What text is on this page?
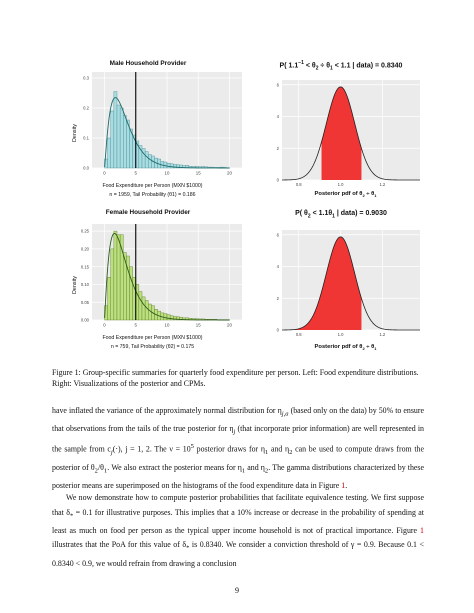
Male Household Provider
Density
0.0
0.1
0.2
0.3
0	5	10	15	20
Food Expenditure per Person (MXN $1000)
n = 1959, Tail Probability (θ1) = 0.186
P( $1.1^{-1} < \theta_2 \div \theta_1 < 1.1$ | data) = 0.8340
0
2
4
6
0.8	1.0	1.2
Posterior pdf of $\theta_2 \div \theta_1$
Female Household Provider
Density
0.00
0.05
0.10
0.15
0.20
0.25
0	5	10	15	20
Food Expenditure per Person (MXN $1000)
n = 759, Tail Probability (θ2) = 0.175
P( $\theta_2 < 1.1\theta_1$ | data) = 0.9030
0
2
4
6
0.8	1.0	1.2
Posterior pdf of $\theta_2 \div \theta_1$
Figure 1: Group-specific summaries for quarterly food expenditure per person. Left: Food expenditure distributions. Right: Visualizations of the posterior and CPMs.

have inflated the variance of the approximately normal distribution for $\eta_{j,a}$ (based only on the data) by 50% to ensure that observations from the tails of the true posterior for $\eta_j$ (that incorporate prior information) are well represented in the sample from $c_j(\cdot)$, j = 1, 2. The $\nu = 10^5$ posterior draws for $\eta_1$ and $\eta_2$ can be used to compute draws from the posterior of $\theta_2/\theta_1$. We also extract the posterior means for $\eta_1$ and $\eta_2$. The gamma distributions characterized by these posterior means are superimposed on the histograms of the food expenditure data in Figure 1.

We now demonstrate how to compute posterior probabilities that facilitate equivalence testing. We first suppose that $\delta_* = 0.1$ for illustrative purposes. This implies that a 10% increase or decrease in the probability of spending at least as much on food per person as the typical upper income household is not of practical importance. Figure 1 illustrates that the PoA for this value of $\delta_*$ is 0.8340. We consider a conviction threshold of γ = 0.9. Because 0.1 < 0.8340 < 0.9, we would refrain from drawing a conclusion

9
